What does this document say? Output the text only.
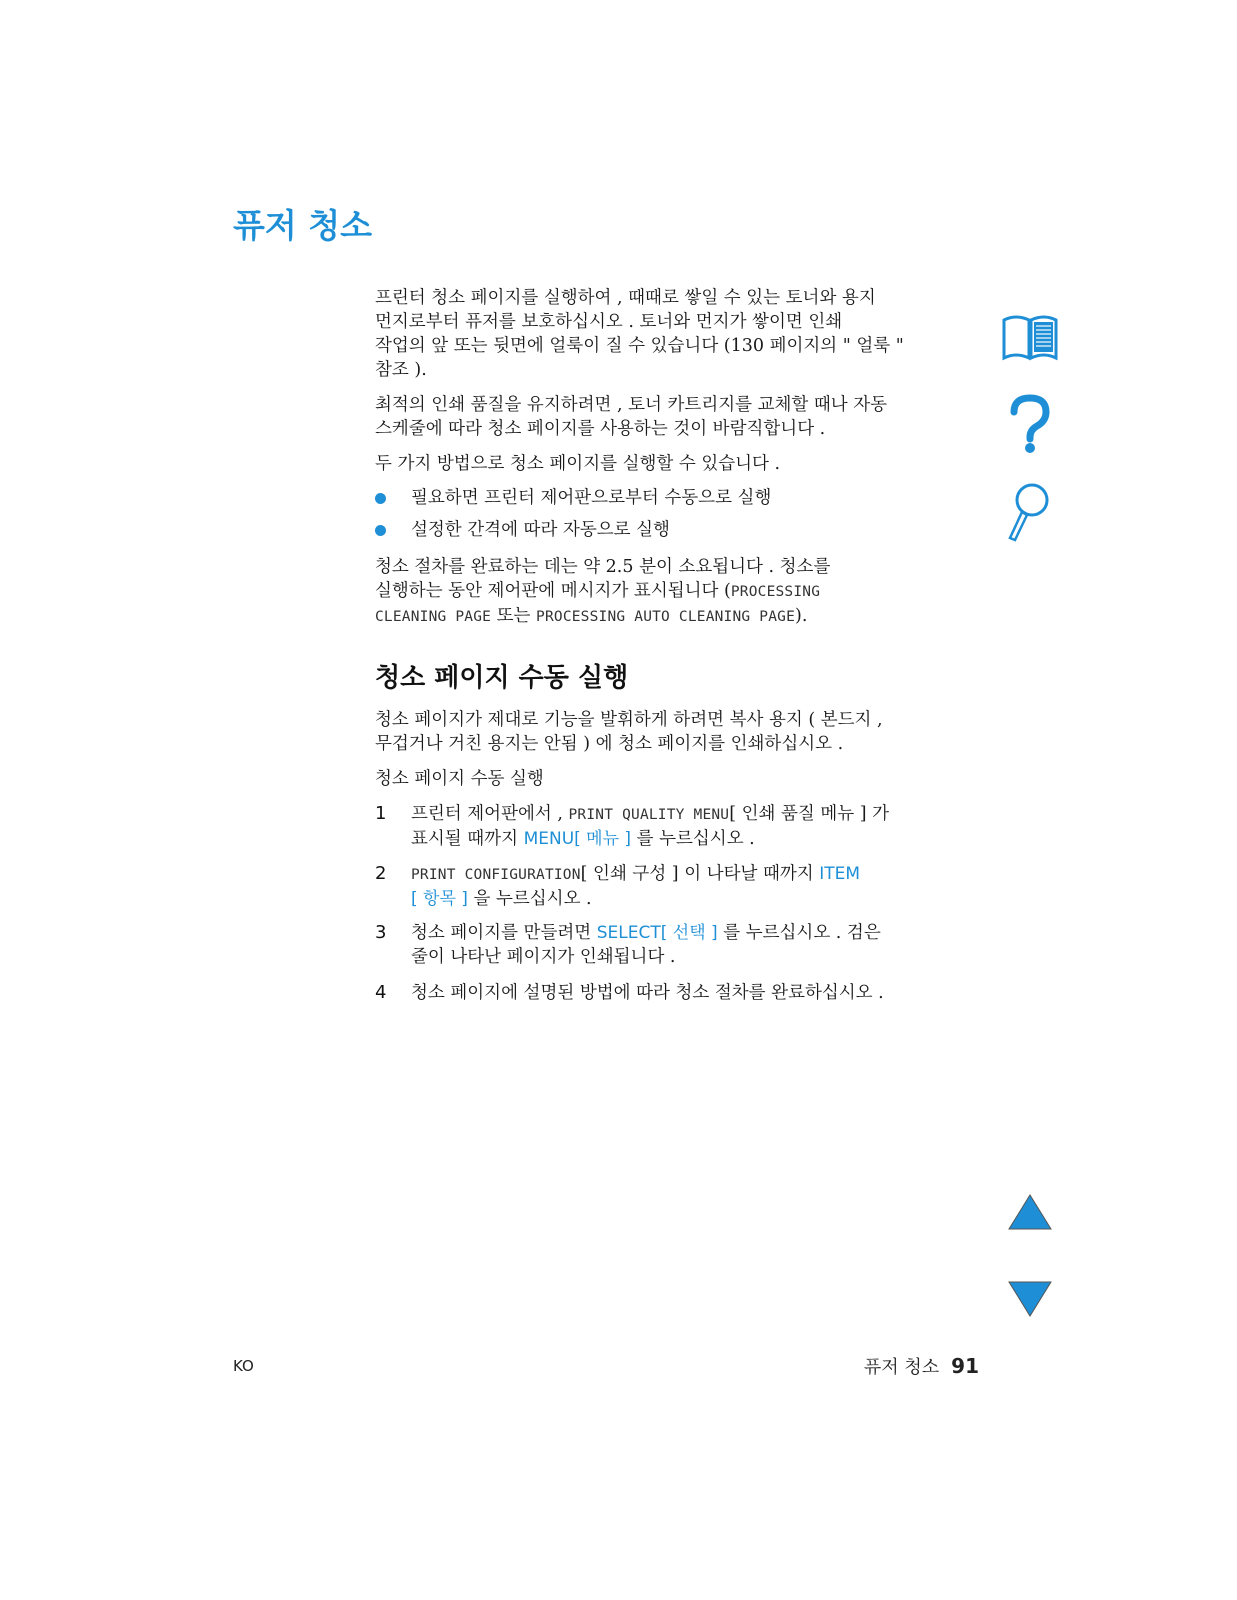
퓨저 청소
프린터 청소 페이지를 실행하여 , 때때로 쌓일 수 있는 토너와 용지
먼지로부터 퓨저를 보호하십시오 . 토너와 먼지가 쌓이면 인쇄
작업의 앞 또는 뒷면에 얼룩이 질 수 있습니다 (130 페이지의 " 얼룩 "
참조 ).
최적의 인쇄 품질을 유지하려면 , 토너 카트리지를 교체할 때나 자동
스케줄에 따라 청소 페이지를 사용하는 것이 바람직합니다 .
두 가지 방법으로 청소 페이지를 실행할 수 있습니다 .
필요하면 프린터 제어판으로부터 수동으로 실행
설정한 간격에 따라 자동으로 실행
청소 절차를 완료하는 데는 약 2.5 분이 소요됩니다 . 청소를
실행하는 동안 제어판에 메시지가 표시됩니다 (PROCESSING
CLEANING PAGE 또는 PROCESSING AUTO CLEANING PAGE).
청소 페이지 수동 실행
청소 페이지가 제대로 기능을 발휘하게 하려면 복사 용지 ( 본드지 ,
무겁거나 거친 용지는 안됨 ) 에 청소 페이지를 인쇄하십시오 .
청소 페이지 수동 실행
1 프린터 제어판에서 , PRINT QUALITY MENU[ 인쇄 품질 메뉴 ] 가
표시될 때까지 MENU[ 메뉴 ] 를 누르십시오 .
2 PRINT CONFIGURATION[ 인쇄 구성 ] 이 나타날 때까지 ITEM
[ 항목 ] 을 누르십시오 .
3 청소 페이지를 만들려면 SELECT[ 선택 ] 를 누르십시오 . 검은
줄이 나타난 페이지가 인쇄됩니다 .
4 청소 페이지에 설명된 방법에 따라 청소 절차를 완료하십시오 .
KO	퓨저 청소 91
